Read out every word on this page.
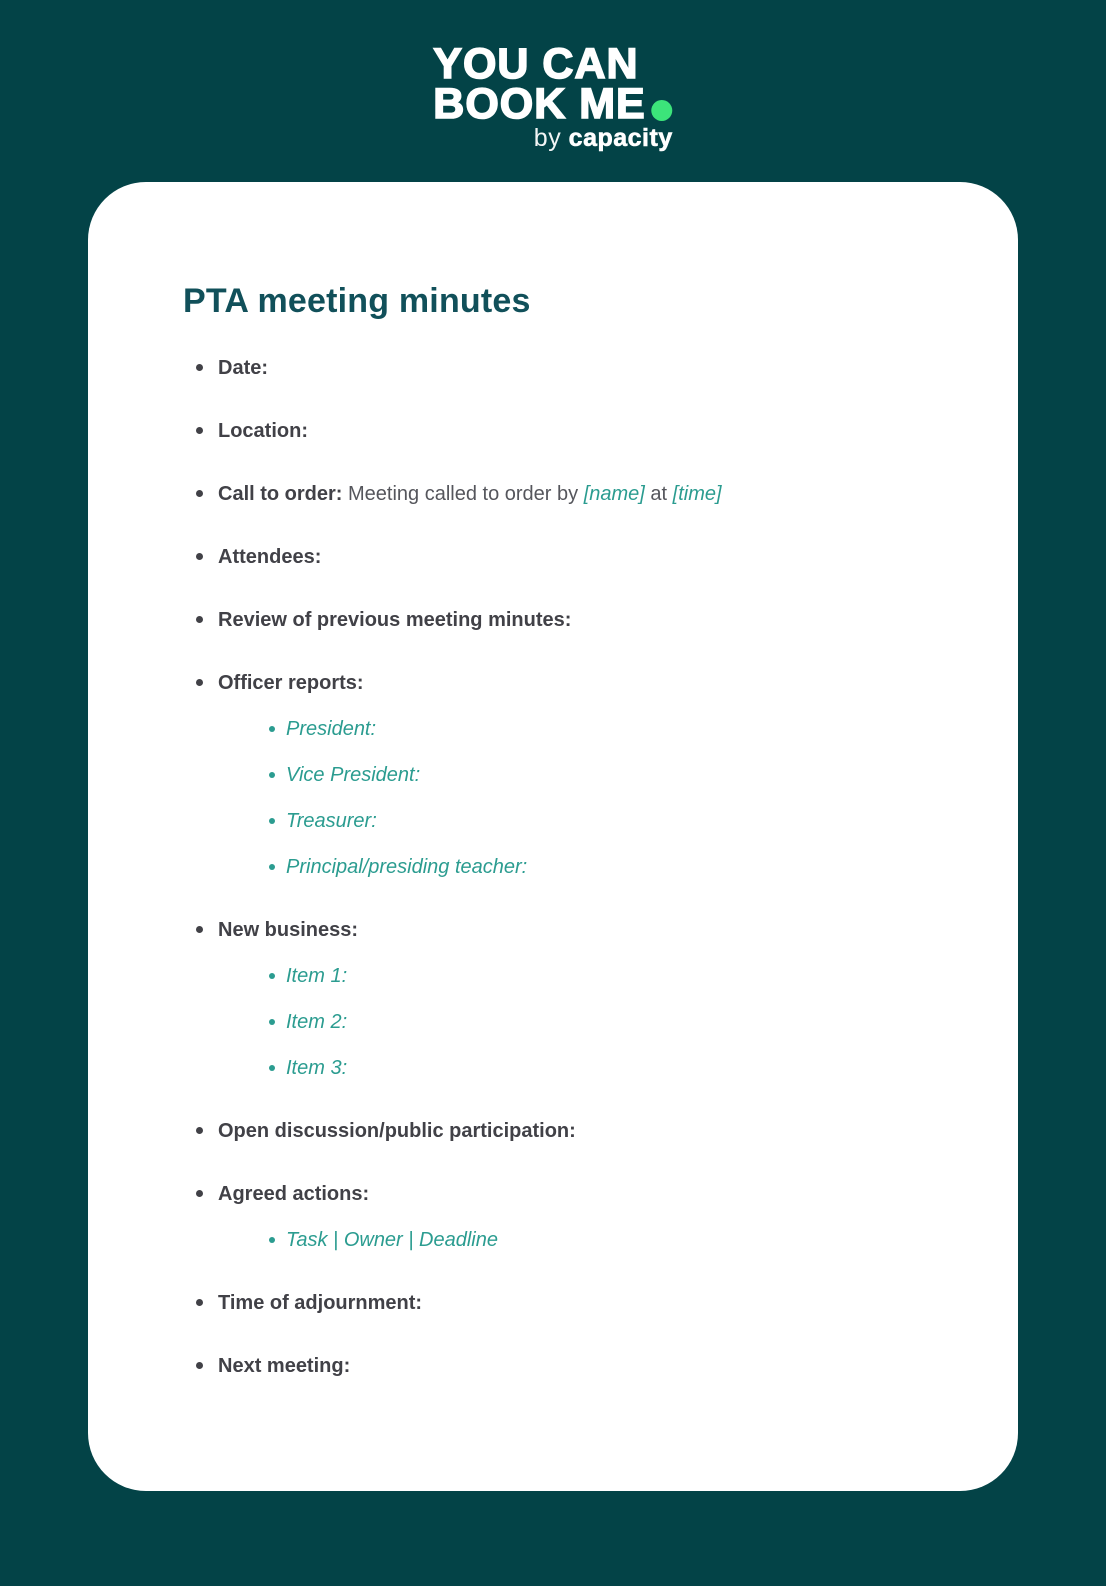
YOU CAN
BOOK ME
by capacity
PTA meeting minutes
Date:
Location:
Call to order: Meeting called to order by [name] at [time]
Attendees:
Review of previous meeting minutes:
Officer reports:
President:
Vice President:
Treasurer:
Principal/presiding teacher:
New business:
Item 1:
Item 2:
Item 3:
Open discussion/public participation:
Agreed actions:
Task | Owner | Deadline
Time of adjournment:
Next meeting:
